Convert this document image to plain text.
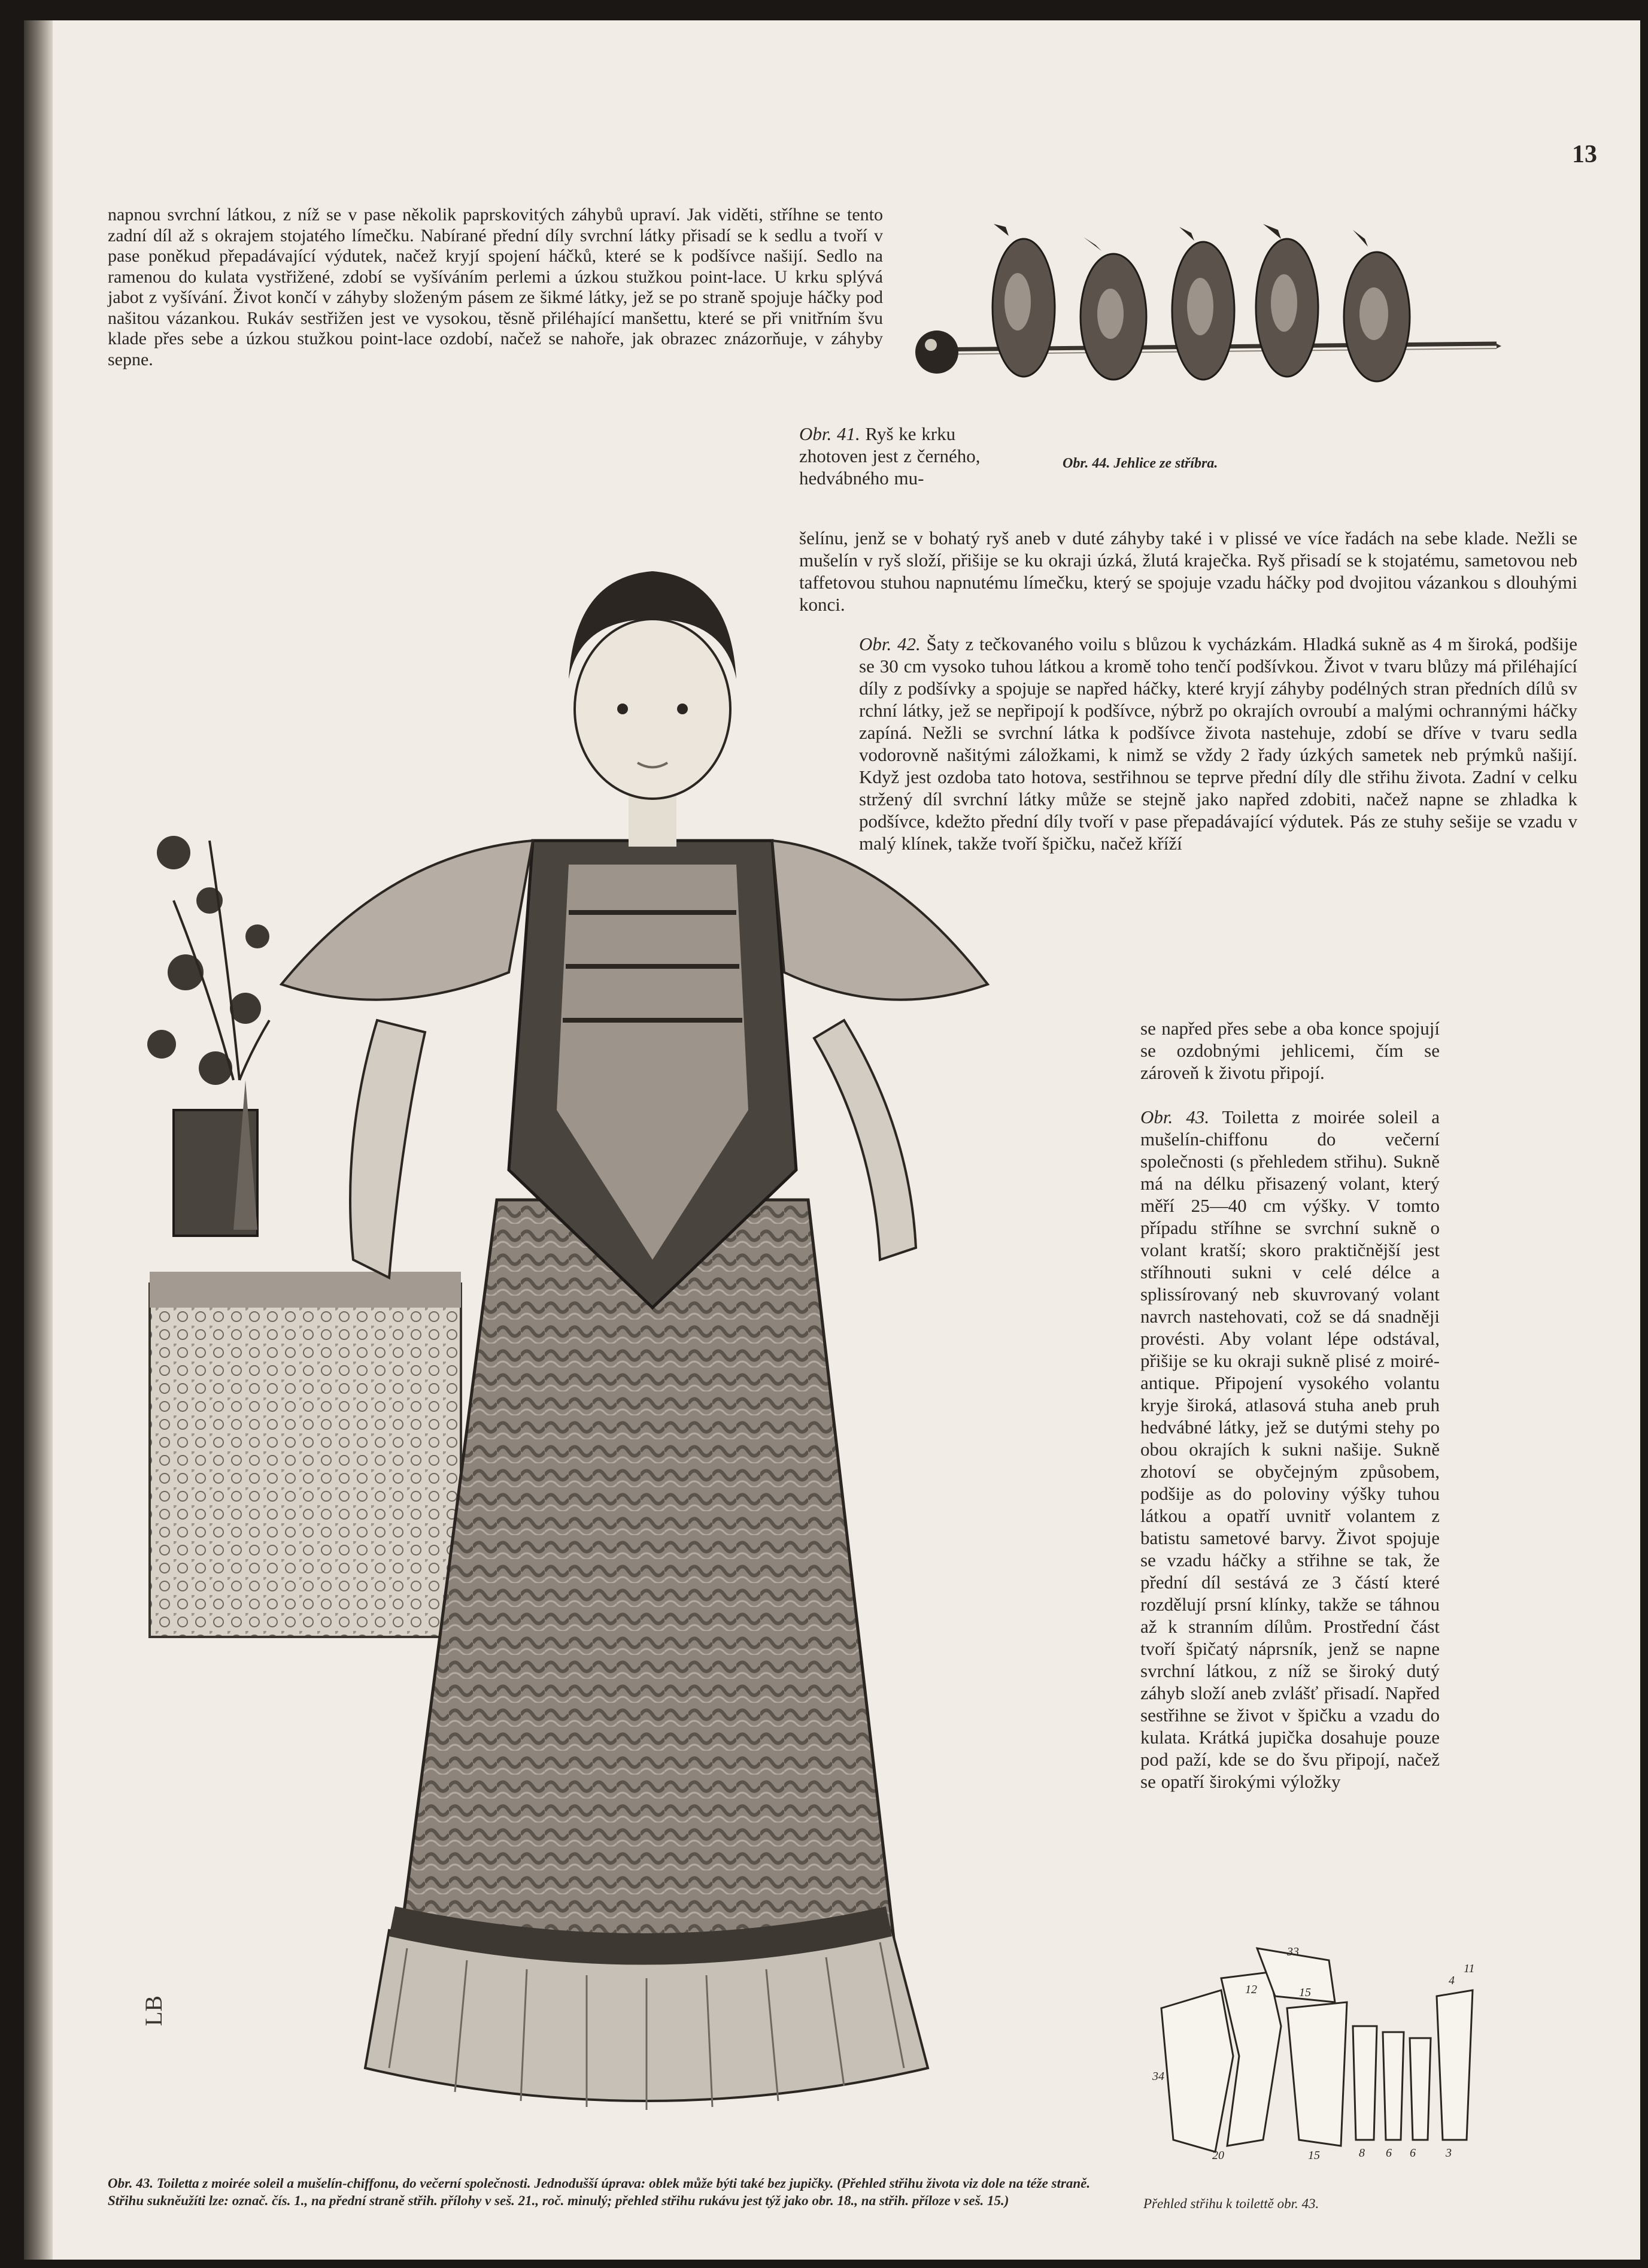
13

napnou svrchní látkou, z níž se v pase několik paprskovitých záhybů upraví. Jak viděti, stříhne se tento zadní díl až s okrajem stojatého límečku. Nabírané přední díly svrchní látky přisadí se k sedlu a tvoří v pase poněkud přepadávající výdutek, načež kryjí spojení háčků, které se k podšívce našijí. Sedlo na ramenou do kulata vystřižené, zdobí se vyšíváním perlemi a úzkou stužkou point-lace. U krku splývá jabot z vyšívání. Život končí v záhyby složeným pásem ze šikmé látky, jež se po straně spojuje háčky pod našitou vázankou. Rukáv sestřižen jest ve vysokou, těsně přiléhající manšettu, které se při vnitřním švu klade přes sebe a úzkou stužkou point-lace ozdobí, načež se nahoře, jak obrazec znázorňuje, v záhyby sepne.

Obr. 44. Jehlice ze stříbra.
Obr. 41. Ryš ke krku zhotoven jest z černého, hedvábného mu-

šelínu, jenž se v bohatý ryš aneb v duté záhyby také i v plissé ve více řadách na sebe klade. Nežli se mušelín v ryš složí, přišije se ku okraji úzká, žlutá kraječka. Ryš přisadí se k stojatému, sametovou neb taffetovou stuhou napnutému límečku, který se spojuje vzadu háčky pod dvojitou vázankou s dlouhými konci.

Obr. 42. Šaty z tečkovaného voilu s blůzou k vycházkám. Hladká sukně as 4 m široká, podšije se 30 cm vysoko tuhou látkou a kromě toho tenčí podšívkou. Život v tvaru blůzy má přiléhající díly z podšívky a spojuje se napřed háčky, které kryjí záhyby podélných stran předních dílů sv rchní látky, jež se nepřipojí k podšívce, nýbrž po okrajích ovroubí a malými ochrannými háčky zapíná. Nežli se svrchní látka k podšívce života nastehuje, zdobí se dříve v tvaru sedla vodorovně našitými záložkami, k nimž se vždy 2 řady úzkých sametek neb prýmků našijí. Když jest ozdoba tato hotova, sestřihnou se teprve přední díly dle střihu života. Zadní v celku stržený díl svrchní látky může se stejně jako napřed zdobiti, načež napne se zhladka k podšívce, kdežto přední díly tvoří v pase přepadávající výdutek. Pás ze stuhy sešije se vzadu v malý klínek, takže tvoří špičku, načež kříží

se napřed přes sebe a oba konce spojují se ozdobnými jehlicemi, čím se zároveň k životu připojí.

Obr. 43. Toiletta z moirée soleil a mušelín-chiffonu do večerní společnosti (s přehledem střihu). Sukně má na délku přisazený volant, který měří 25—40 cm výšky. V tomto případu stříhne se svrchní sukně o volant kratší; skoro praktičnější jest stříhnouti sukni v celé délce a splissírovaný neb skuvrovaný volant navrch nastehovati, což se dá snadněji provésti. Aby volant lépe odstával, přišije se ku okraji sukně plisé z moiré-antique. Připojení vysokého volantu kryje široká, atlasová stuha aneb pruh hedvábné látky, jež se dutými stehy po obou okrajích k sukni našije. Sukně zhotoví se obyčejným způsobem, podšije as do poloviny výšky tuhou látkou a opatří uvnitř volantem z batistu sametové barvy. Život spojuje se vzadu háčky a střihne se tak, že přední díl sestává ze 3 částí které rozdělují prsní klínky, takže se táhnou až k stranním dílům. Prostřední část tvoří špičatý náprsník, jenž se napne svrchní látkou, z níž se široký dutý záhyb složí aneb zvlášť přisadí. Napřed sestřihne se život v špičku a vzadu do kulata. Krátká jupička dosahuje pouze pod paží, kde se do švu připojí, načež se opatří širokými výložky
LB
33
12	15
34
20	15	8 6 6	3
4
11
Obr. 43. Toiletta z moirée soleil a mušelín-chiffonu, do večerní společnosti. Jednodušší úprava: oblek může býti také bez jupičky. (Přehled střihu života viz dole na téže straně. Střihu sukněužíti lze: označ. čís. 1., na přední straně střih. přílohy v seš. 21., roč. minulý; přehled střihu rukávu jest týž jako obr. 18., na střih. příloze v seš. 15.)	Přehled střihu k toilettě obr. 43.
